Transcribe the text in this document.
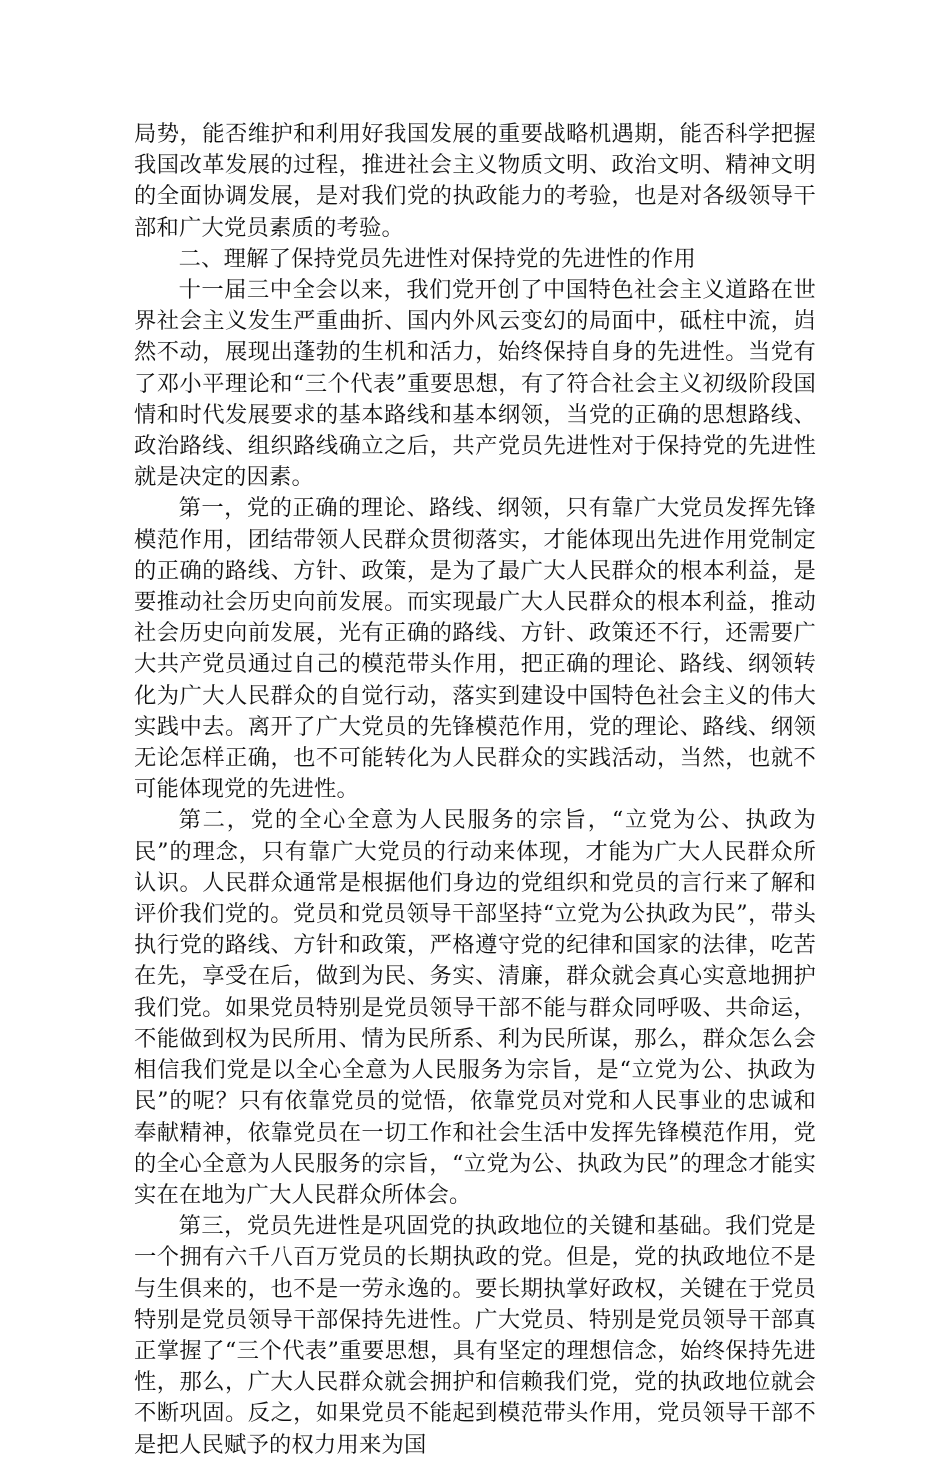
局势，能否维护和利用好我国发展的重要战略机遇期，能否科学把握我国改革发展的过程，推进社会主义物质文明、政治文明、精神文明的全面协调发展，是对我们党的执政能力的考验，也是对各级领导干部和广大党员素质的考验。

二、理解了保持党员先进性对保持党的先进性的作用

十一届三中全会以来，我们党开创了中国特色社会主义道路在世界社会主义发生严重曲折、国内外风云变幻的局面中，砥柱中流，岿然不动，展现出蓬勃的生机和活力，始终保持自身的先进性。当党有了邓小平理论和“三个代表”重要思想，有了符合社会主义初级阶段国情和时代发展要求的基本路线和基本纲领，当党的正确的思想路线、政治路线、组织路线确立之后，共产党员先进性对于保持党的先进性就是决定的因素。

第一，党的正确的理论、路线、纲领，只有靠广大党员发挥先锋模范作用，团结带领人民群众贯彻落实，才能体现出先进作用党制定的正确的路线、方针、政策，是为了最广大人民群众的根本利益，是要推动社会历史向前发展。而实现最广大人民群众的根本利益，推动社会历史向前发展，光有正确的路线、方针、政策还不行，还需要广大共产党员通过自己的模范带头作用，把正确的理论、路线、纲领转化为广大人民群众的自觉行动，落实到建设中国特色社会主义的伟大实践中去。离开了广大党员的先锋模范作用，党的理论、路线、纲领无论怎样正确，也不可能转化为人民群众的实践活动，当然，也就不可能体现党的先进性。

第二，党的全心全意为人民服务的宗旨，“立党为公、执政为民”的理念，只有靠广大党员的行动来体现，才能为广大人民群众所认识。人民群众通常是根据他们身边的党组织和党员的言行来了解和评价我们党的。党员和党员领导干部坚持“立党为公执政为民”，带头执行党的路线、方针和政策，严格遵守党的纪律和国家的法律，吃苦在先，享受在后，做到为民、务实、清廉，群众就会真心实意地拥护我们党。如果党员特别是党员领导干部不能与群众同呼吸、共命运，不能做到权为民所用、情为民所系、利为民所谋，那么，群众怎么会相信我们党是以全心全意为人民服务为宗旨，是“立党为公、执政为民”的呢？只有依靠党员的觉悟，依靠党员对党和人民事业的忠诚和奉献精神，依靠党员在一切工作和社会生活中发挥先锋模范作用，党的全心全意为人民服务的宗旨，“立党为公、执政为民”的理念才能实实在在地为广大人民群众所体会。

第三，党员先进性是巩固党的执政地位的关键和基础。我们党是一个拥有六千八百万党员的长期执政的党。但是，党的执政地位不是与生俱来的，也不是一劳永逸的。要长期执掌好政权，关键在于党员特别是党员领导干部保持先进性。广大党员、特别是党员领导干部真正掌握了“三个代表”重要思想，具有坚定的理想信念，始终保持先进性，那么，广大人民群众就会拥护和信赖我们党，党的执政地位就会不断巩固。反之，如果党员不能起到模范带头作用，党员领导干部不是把人民赋予的权力用来为国
